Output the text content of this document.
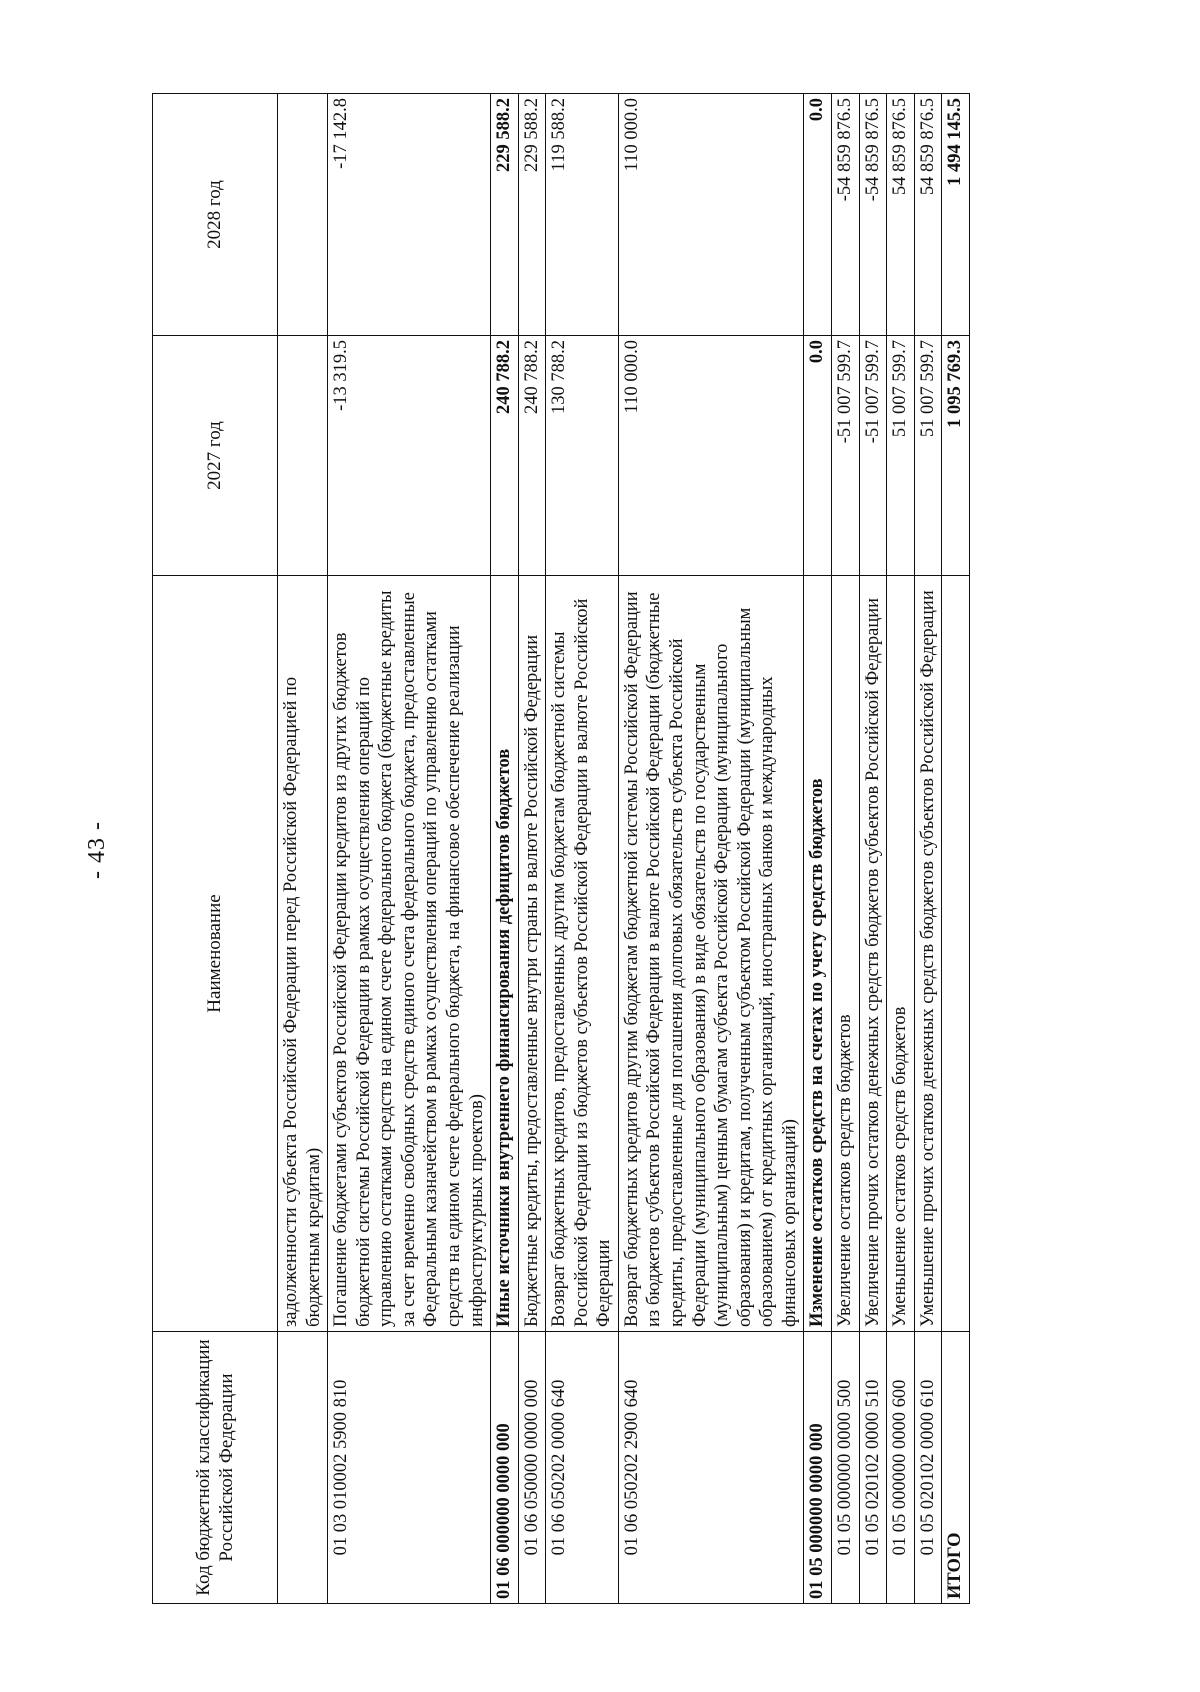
- 43 -
Код бюджетной классификации Российской Федерации	Наименование	2027 год	2028 год
	задолженности субъекта Российской Федерации перед Российской Федерацией по бюджетным кредитам)		
01 03 010002 5900 810	Погашение бюджетами субъектов Российской Федерации кредитов из других бюджетов бюджетной системы Российской Федерации в рамках осуществления операций по управлению остатками средств на едином счете федерального бюджета (бюджетные кредиты за счет временно свободных средств единого счета федерального бюджета, предоставленные Федеральным казначейством в рамках осуществления операций по управлению остатками средств на едином счете федерального бюджета, на финансовое обеспечение реализации инфраструктурных проектов)	-13 319.5	-17 142.8
01 06 000000 0000 000	Иные источники внутреннего финансирования дефицитов бюджетов	240 788.2	229 588.2
01 06 050000 0000 000	Бюджетные кредиты, предоставленные внутри страны в валюте Российской Федерации	240 788.2	229 588.2
01 06 050202 0000 640	Возврат бюджетных кредитов, предоставленных другим бюджетам бюджетной системы Российской Федерации из бюджетов субъектов Российской Федерации в валюте Российской Федерации	130 788.2	119 588.2
01 06 050202 2900 640	Возврат бюджетных кредитов другим бюджетам бюджетной системы Российской Федерации из бюджетов субъектов Российской Федерации в валюте Российской Федерации (бюджетные кредиты, предоставленные для погашения долговых обязательств субъекта Российской Федерации (муниципального образования) в виде обязательств по государственным (муниципальным) ценным бумагам субъекта Российской Федерации (муниципального образования) и кредитам, полученным субъектом Российской Федерации (муниципальным образованием) от кредитных организаций, иностранных банков и международных финансовых организаций)	110 000.0	110 000.0
01 05 000000 0000 000	Изменение остатков средств на счетах по учету средств бюджетов	0.0	0.0
01 05 000000 0000 500	Увеличение остатков средств бюджетов	-51 007 599.7	-54 859 876.5
01 05 020102 0000 510	Увеличение прочих остатков денежных средств бюджетов субъектов Российской Федерации	-51 007 599.7	-54 859 876.5
01 05 000000 0000 600	Уменьшение остатков средств бюджетов	51 007 599.7	54 859 876.5
01 05 020102 0000 610	Уменьшение прочих остатков денежных средств бюджетов субъектов Российской Федерации	51 007 599.7	54 859 876.5
ИТОГО		1 095 769.3	1 494 145.5
